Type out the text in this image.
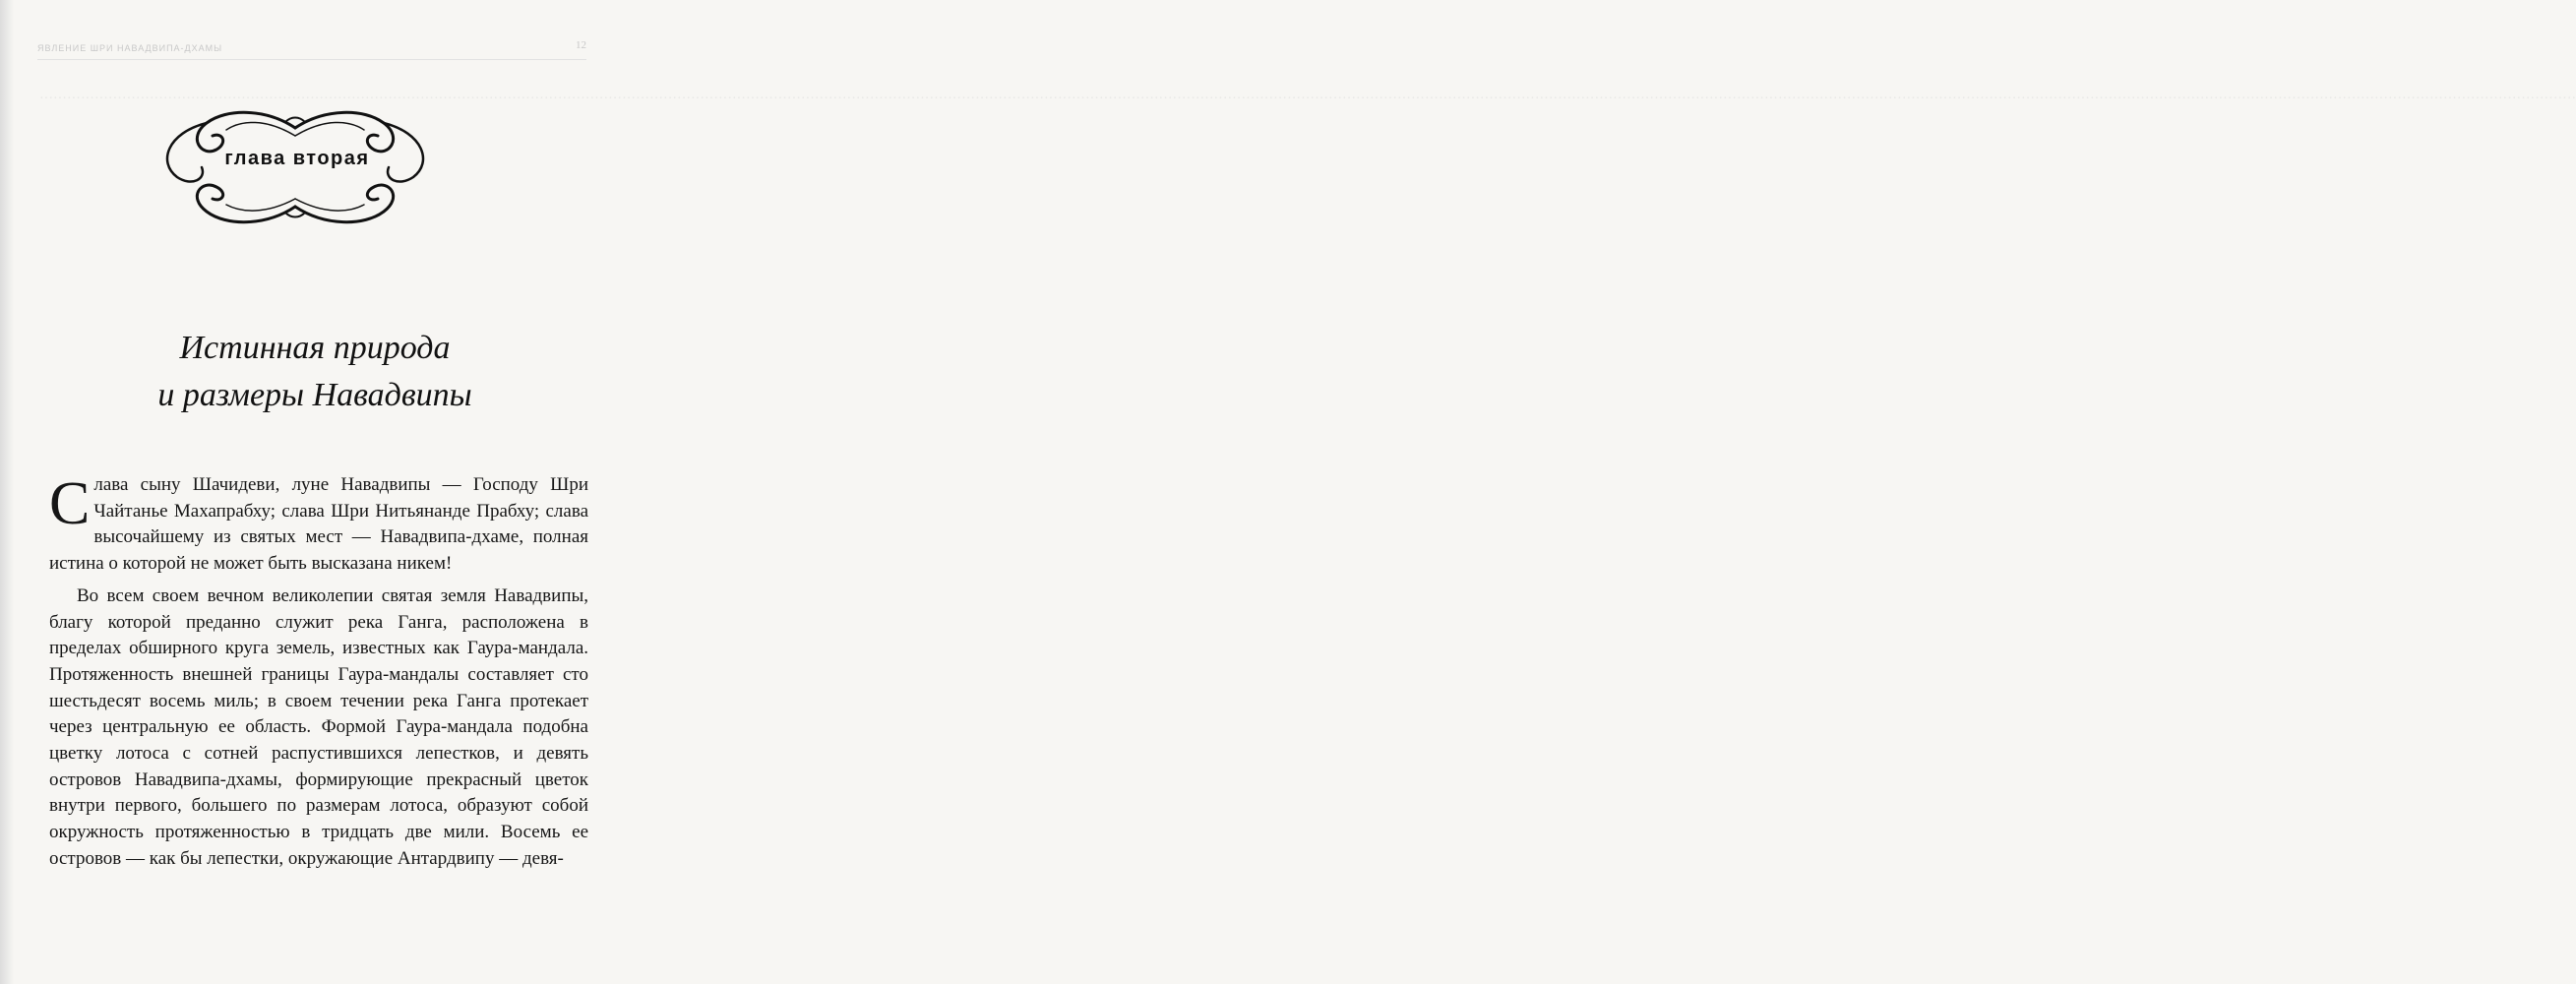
ЯВЛЕНИЕ ШРИ НАВАДВИПА-ДХАМЫ	12
·········································································································································································································································································································································································································································································································································································
глава вторая
Истинная природа
и размеры Навадвипы

Слава сыну Шачидеви, луне Навадвипы — Господу Шри Чайтанье Махапрабху; слава Шри Нитьянанде Прабху; слава высочайшему из святых мест — Навадвипа-дхаме, полная истина о которой не может быть высказана никем!

Во всем своем вечном великолепии святая земля Навадвипы, благу которой преданно служит река Ганга, расположена в пределах обширного круга земель, известных как Гаура-мандала. Протяженность внешней границы Гаура-мандалы составляет сто шестьдесят восемь миль; в своем течении река Ганга протекает через центральную ее область. Формой Гаура-мандала подобна цветку лотоса с сотней распустившихся лепестков, и девять островов Навадвипа-дхамы, формирующие прекрасный цветок внутри первого, большего по размерам лотоса, образуют собой окружность протяженностью в тридцать две мили. Восемь ее островов — как бы лепестки, окружающие Антардвипу — девя-
